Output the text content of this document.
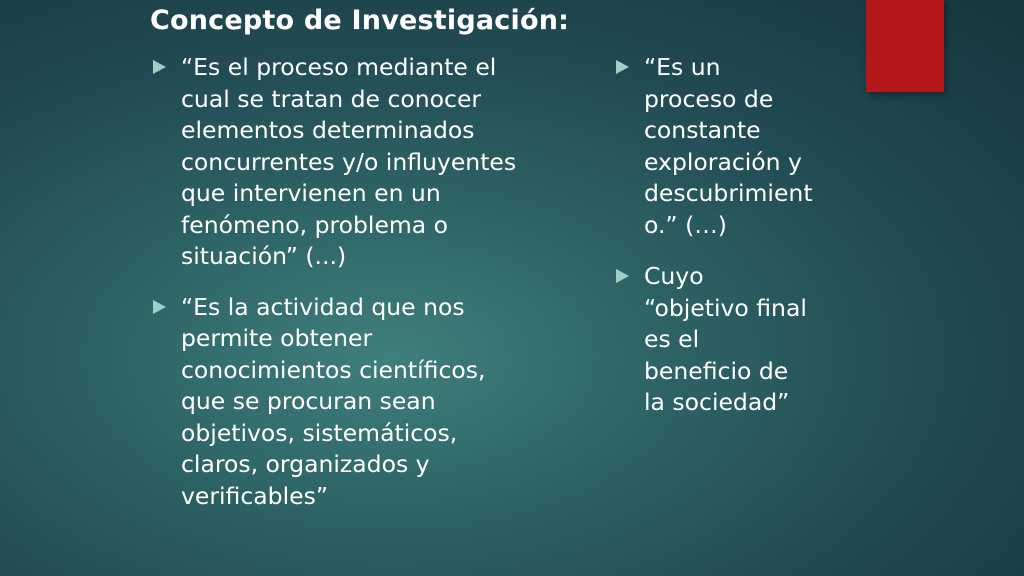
Concepto de Investigación:
“Es el proceso mediante el
cual se tratan de conocer
elementos determinados
concurrentes y/o influyentes
que intervienen en un
fenómeno, problema o
situación” (...)
“Es la actividad que nos
permite obtener
conocimientos científicos,
que se procuran sean
objetivos, sistemáticos,
claros, organizados y
verificables”
“Es un
proceso de
constante
exploración y
descubrimient
o.” (…)
Cuyo
“objetivo final
es el
beneficio de
la sociedad”
